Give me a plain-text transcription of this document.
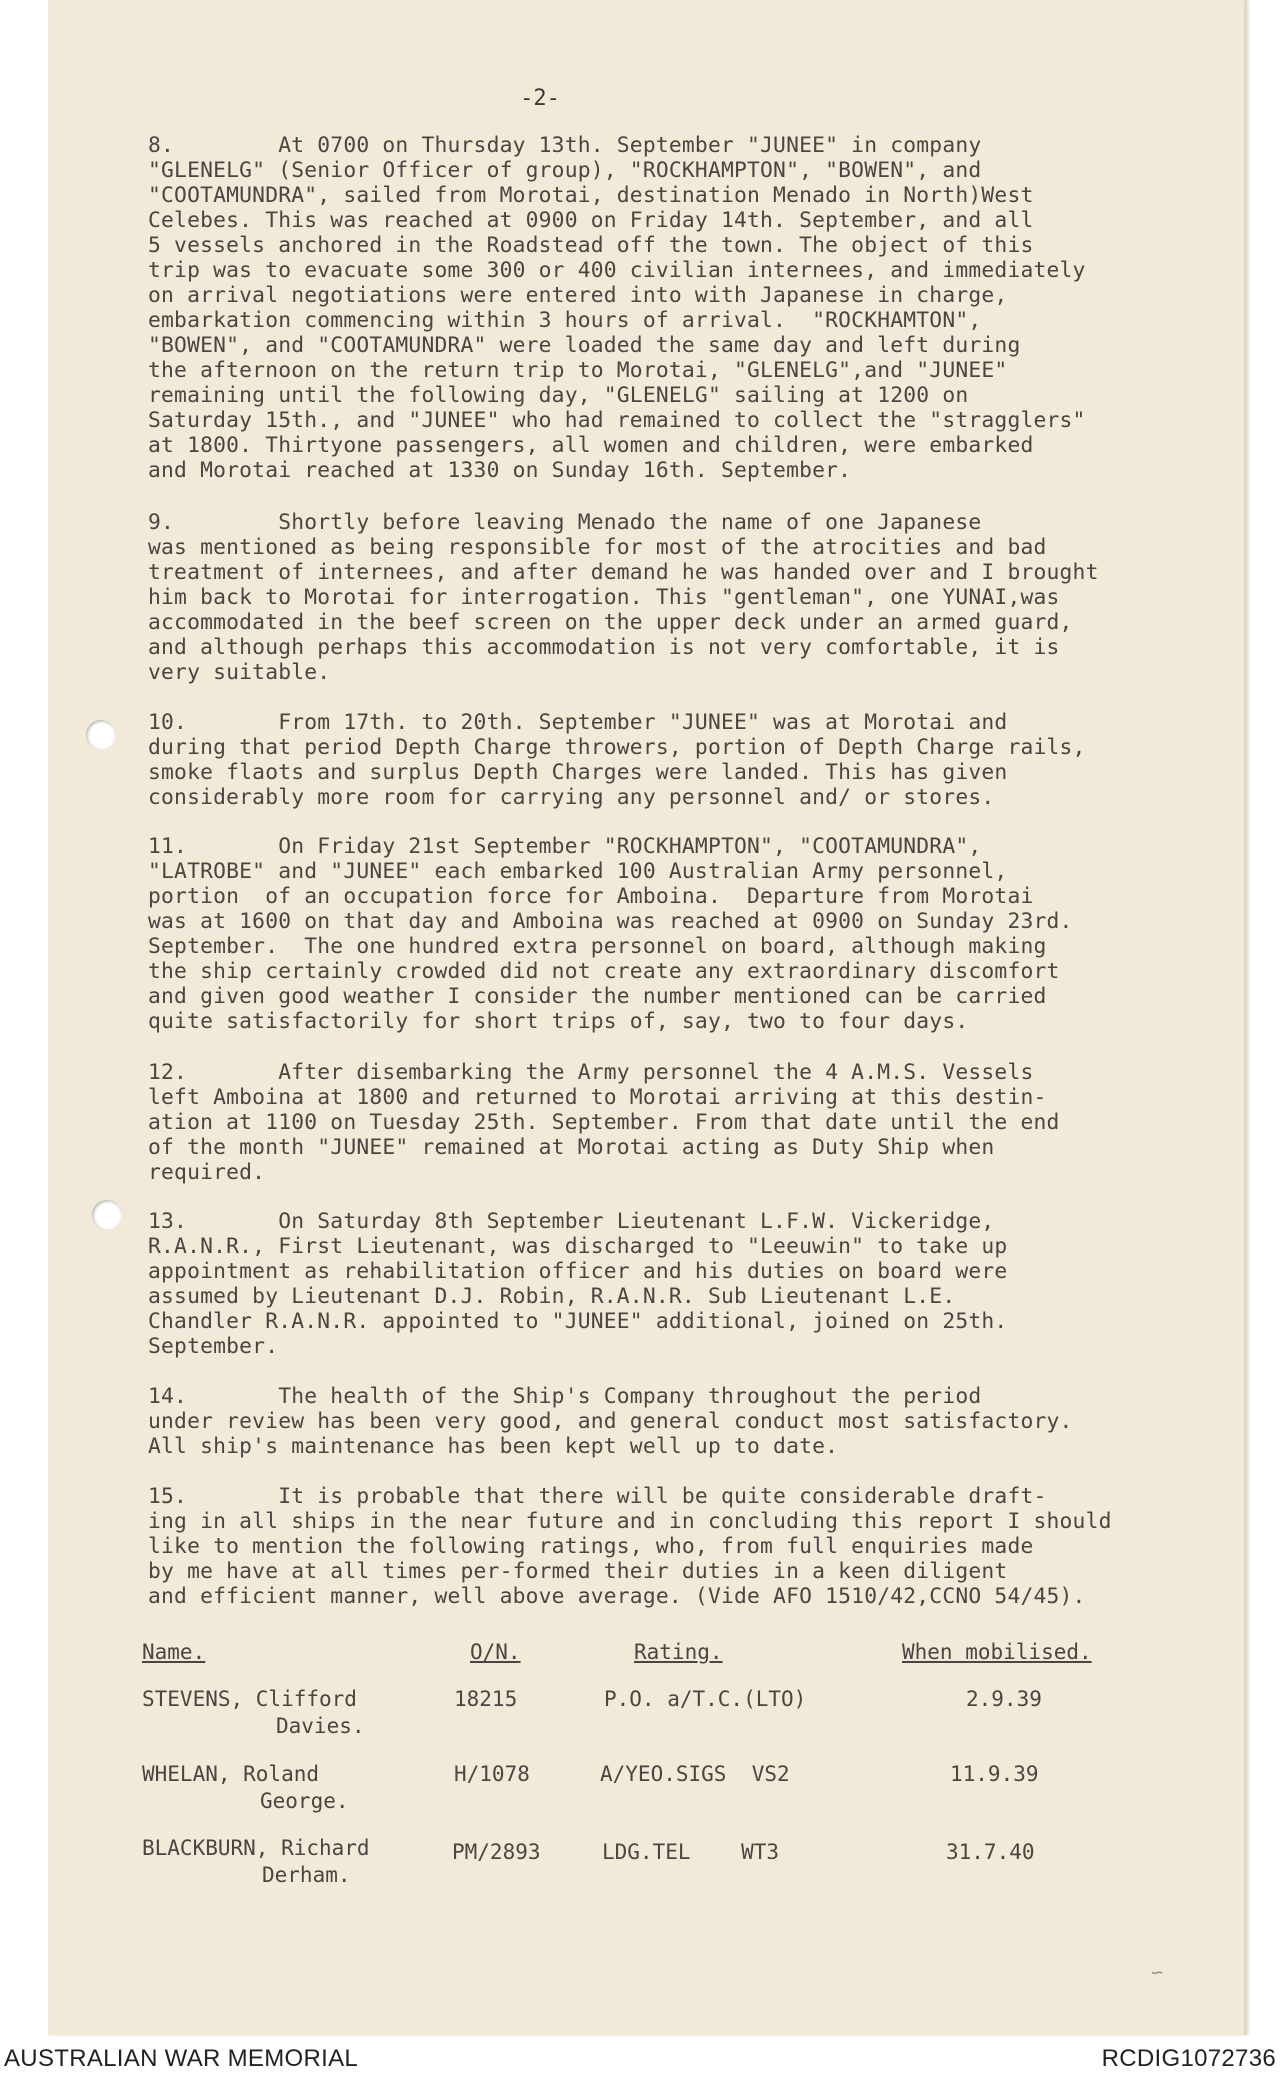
∽
-2-
8.        At 0700 on Thursday 13th. September "JUNEE" in company
"GLENELG" (Senior Officer of group), "ROCKHAMPTON", "BOWEN", and
"COOTAMUNDRA", sailed from Morotai, destination Menado in North)West
Celebes. This was reached at 0900 on Friday 14th. September, and all
5 vessels anchored in the Roadstead off the town. The object of this
trip was to evacuate some 300 or 400 civilian internees, and immediately
on arrival negotiations were entered into with Japanese in charge,
embarkation commencing within 3 hours of arrival.  "ROCKHAMTON",
"BOWEN", and "COOTAMUNDRA" were loaded the same day and left during
the afternoon on the return trip to Morotai, "GLENELG",and "JUNEE"
remaining until the following day, "GLENELG" sailing at 1200 on
Saturday 15th., and "JUNEE" who had remained to collect the "stragglers"
at 1800. Thirtyone passengers, all women and children, were embarked
and Morotai reached at 1330 on Sunday 16th. September.
9.        Shortly before leaving Menado the name of one Japanese
was mentioned as being responsible for most of the atrocities and bad
treatment of internees, and after demand he was handed over and I brought
him back to Morotai for interrogation. This "gentleman", one YUNAI,was
accommodated in the beef screen on the upper deck under an armed guard,
and although perhaps this accommodation is not very comfortable, it is
very suitable.
10.       From 17th. to 20th. September "JUNEE" was at Morotai and
during that period Depth Charge throwers, portion of Depth Charge rails,
smoke flaots and surplus Depth Charges were landed. This has given
considerably more room for carrying any personnel and/ or stores.
11.       On Friday 21st September "ROCKHAMPTON", "COOTAMUNDRA",
"LATROBE" and "JUNEE" each embarked 100 Australian Army personnel,
portion  of an occupation force for Amboina.  Departure from Morotai
was at 1600 on that day and Amboina was reached at 0900 on Sunday 23rd.
September.  The one hundred extra personnel on board, although making
the ship certainly crowded did not create any extraordinary discomfort
and given good weather I consider the number mentioned can be carried
quite satisfactorily for short trips of, say, two to four days.
12.       After disembarking the Army personnel the 4 A.M.S. Vessels
left Amboina at 1800 and returned to Morotai arriving at this destin-
ation at 1100 on Tuesday 25th. September. From that date until the end
of the month "JUNEE" remained at Morotai acting as Duty Ship when
required.
13.       On Saturday 8th September Lieutenant L.F.W. Vickeridge,
R.A.N.R., First Lieutenant, was discharged to "Leeuwin" to take up
appointment as rehabilitation officer and his duties on board were
assumed by Lieutenant D.J. Robin, R.A.N.R. Sub Lieutenant L.E.
Chandler R.A.N.R. appointed to "JUNEE" additional, joined on 25th.
September.
14.       The health of the Ship's Company throughout the period
under review has been very good, and general conduct most satisfactory.
All ship's maintenance has been kept well up to date.
15.       It is probable that there will be quite considerable draft-
ing in all ships in the near future and in concluding this report I should
like to mention the following ratings, who, from full enquiries made
by me have at all times per-formed their duties in a keen diligent
and efficient manner, well above average. (Vide AFO 1510/42,CCNO 54/45).
Name.	O/N.	Rating.	When mobilised.
STEVENS, Clifford
Davies.
18215	P.O. a/T.C.(LTO)	2.9.39
WHELAN, Roland
George.
H/1078	A/YEO.SIGS  VS2	11.9.39
BLACKBURN, Richard
Derham.
PM/2893	LDG.TEL    WT3	31.7.40
AUSTRALIAN WAR MEMORIAL	RCDIG1072736
